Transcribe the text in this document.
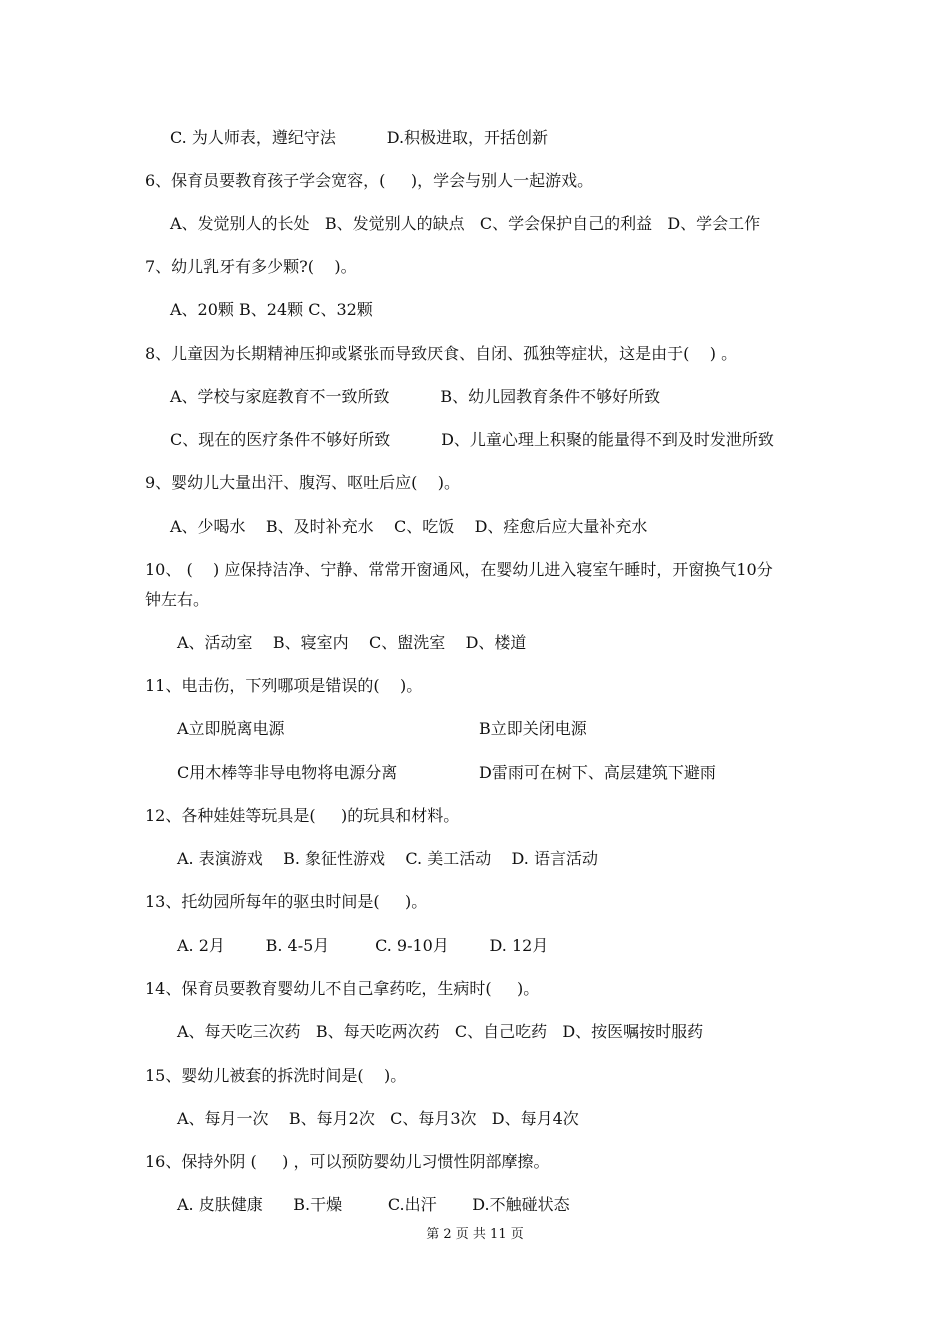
C. 为人师表，遵纪守法          D.积极进取，开括创新
6、保育员要教育孩子学会宽容，(     )，学会与别人一起游戏。
A、发觉别人的长处   B、发觉别人的缺点   C、学会保护自己的利益   D、学会工作
7、幼儿乳牙有多少颗?(    )。
A、20颗 B、24颗 C、32颗
8、儿童因为长期精神压抑或紧张而导致厌食、自闭、孤独等症状，这是由于(    ) 。
A、学校与家庭教育不一致所致          B、幼儿园教育条件不够好所致
C、现在的医疗条件不够好所致          D、儿童心理上积聚的能量得不到及时发泄所致
9、婴幼儿大量出汗、腹泻、呕吐后应(    )。
A、少喝水    B、及时补充水    C、吃饭    D、痊愈后应大量补充水
10、 (    ) 应保持洁净、宁静、常常开窗通风，在婴幼儿进入寝室午睡时，开窗换气10分
钟左右。
A、活动室    B、寝室内    C、盥洗室    D、楼道
11、电击伤，下列哪项是错误的(    )。
A立即脱离电源	B立即关闭电源
C用木棒等非导电物将电源分离	D雷雨可在树下、高层建筑下避雨
12、各种娃娃等玩具是(     )的玩具和材料。
A. 表演游戏    B. 象征性游戏    C. 美工活动    D. 语言活动
13、托幼园所每年的驱虫时间是(     )。
A. 2月        B. 4-5月         C. 9-10月        D. 12月
14、保育员要教育婴幼儿不自己拿药吃，生病时(     )。
A、每天吃三次药   B、每天吃两次药   C、自己吃药   D、按医嘱按时服药
15、婴幼儿被套的拆洗时间是(    )。
A、每月一次    B、每月2次   C、每月3次   D、每月4次
16、保持外阴 (     ) ，可以预防婴幼儿习惯性阴部摩擦。
A. 皮肤健康      B.干燥         C.出汗       D.不触碰状态
第 2 页 共 11 页
